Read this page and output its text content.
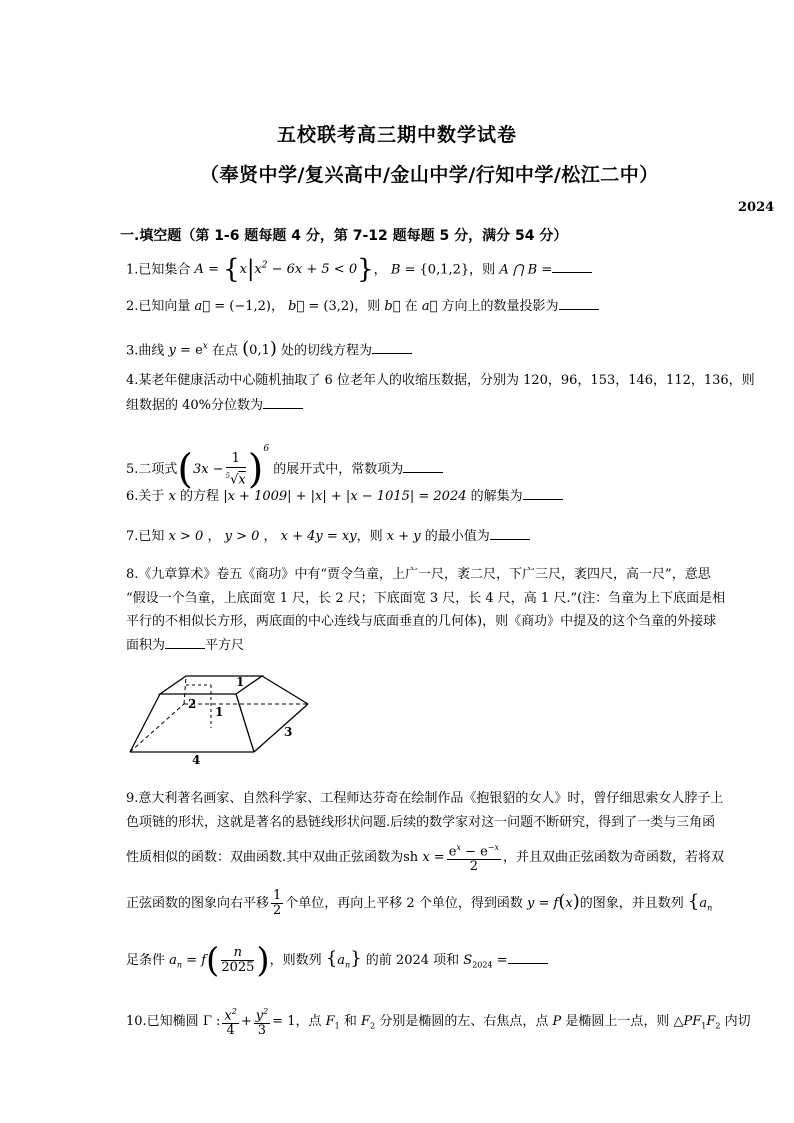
五校联考高三期中数学试卷
（奉贤中学/复兴高中/金山中学/行知中学/松江二中）
2024
一.填空题（第 1-6 题每题 4 分，第 7-12 题每题 5 分，满分 54 分）
1.已知集合 $A = \{x|x^2 - 6x + 5 < 0\}$， B = {0,1,2}，则 A ⋂ B =
2.已知向量 a⃗ = (−1,2)， b⃗ = (3,2)，则 b⃗ 在 a⃗ 方向上的数量投影为
3.曲线 $y = e^x$ 在点 (0,1) 处的切线方程为
4.某老年健康活动中心随机抽取了 6 位老年人的收缩压数据，分别为 120，96，153，146，112，136，则
组数据的 40%分位数为
5.二项式$(3x - \frac{1}{^5√x} )^6$ 的展开式中，常数项为
6.关于 x 的方程 |x + 1009| + |x| + |x − 1015| = 2024 的解集为
7.已知 x > 0 ， y > 0 ， x + 4y = xy，则 x + y 的最小值为
8.《九章算术》卷五《商功》中有“贾令刍童，上广一尺，袤二尺，下广三尺，袤四尺，高一尺”，意思
“假设一个刍童，上底面宽 1 尺，长 2 尺；下底面宽 3 尺，长 4 尺，高 1 尺.”(注：刍童为上下底面是相
平行的不相似长方形，两底面的中心连线与底面垂直的几何体)，则《商功》中提及的这个刍童的外接球
面积为	平方尺
1
2
1
3
4
9.意大利著名画家、自然科学家、工程师达芬奇在绘制作品《抱银貂的女人》时，曾仔细思索女人脖子上
色项链的形状，这就是著名的悬链线形状问题.后续的数学家对这一问题不断研究，得到了一类与三角函
性质相似的函数：双曲函数.其中双曲正弦函数为sh $x = \frac{e^x - e^{-x}}{2}$ ，并且双曲正弦函数为奇函数，若将双
正弦函数的图象向右平移 $\frac{1}{2}$ 个单位，再向上平移 2 个单位，得到函数 y = f(x)的图象，并且数列 {$a_n$
足条件 $a_n = f( \frac{n}{2025}$ )，则数列 $\{a_n\}$ 的前 2024 项和 $S_{2024}$ =
10.已知椭圆 Γ : $\frac{x^2}{4} + \frac{y^2}{3} = 1$，点 $F_1$ 和 $F_2$ 分别是椭圆的左、右焦点，点 P 是椭圆上一点，则 $\triangle PF_1F_2$ 内切
